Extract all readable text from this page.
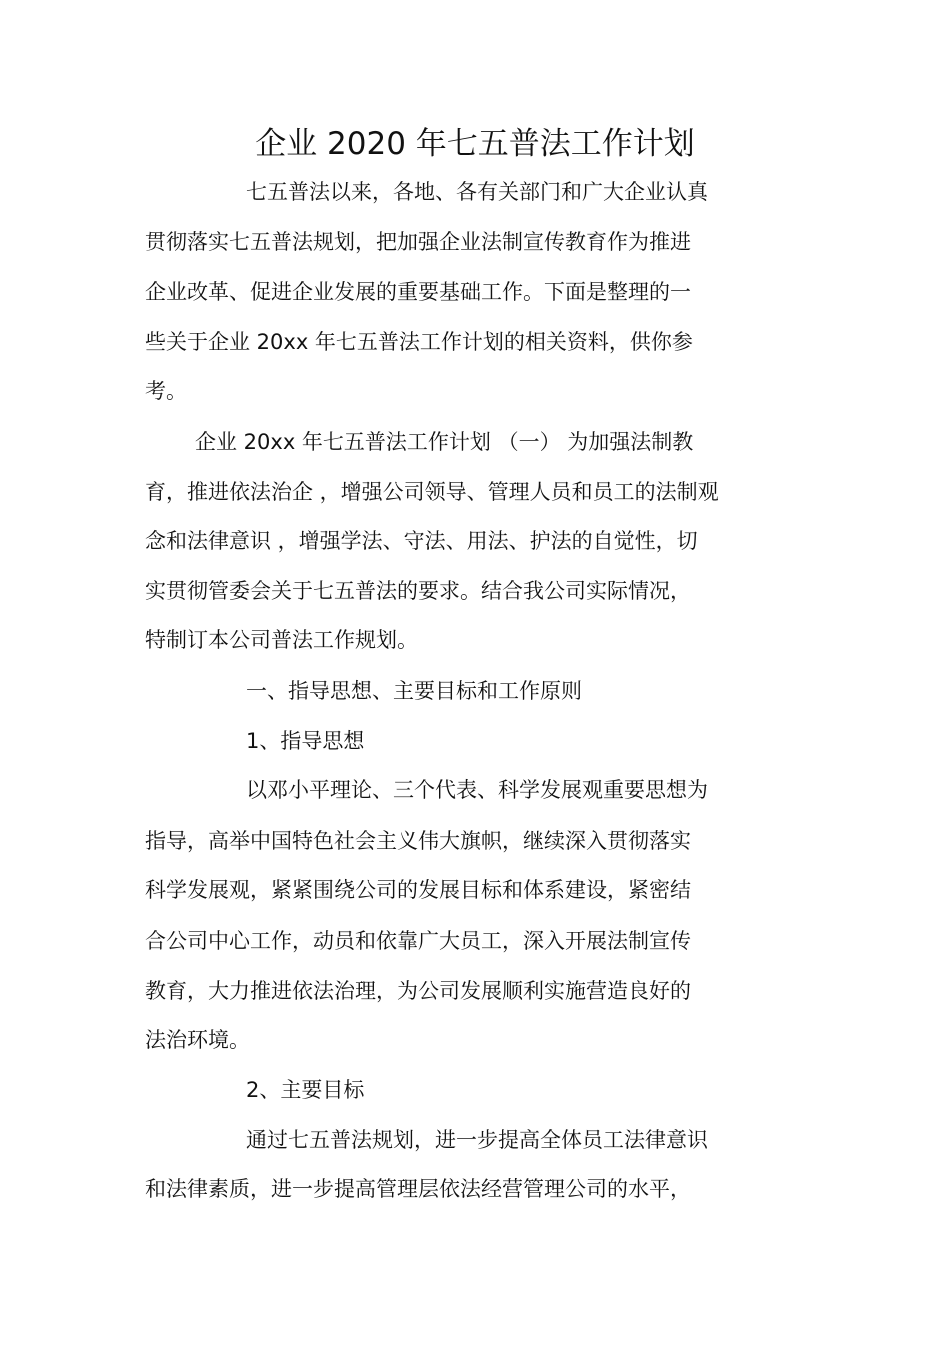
企业 2020 年七五普法工作计划
七五普法以来，各地、各有关部门和广大企业认真
贯彻落实七五普法规划，把加强企业法制宣传教育作为推进
企业改革、促进企业发展的重要基础工作。下面是整理的一
些关于企业 20xx 年七五普法工作计划的相关资料，供你参
考。
企业 20xx 年七五普法工作计划 （一） 为加强法制教
育，推进依法治企 ，增强公司领导、管理人员和员工的法制观
念和法律意识 ，增强学法、守法、用法、护法的自觉性，切
实贯彻管委会关于七五普法的要求。结合我公司实际情况，
特制订本公司普法工作规划。
一、指导思想、主要目标和工作原则
1、指导思想
以邓小平理论、三个代表、科学发展观重要思想为
指导，高举中国特色社会主义伟大旗帜，继续深入贯彻落实
科学发展观，紧紧围绕公司的发展目标和体系建设，紧密结
合公司中心工作，动员和依靠广大员工，深入开展法制宣传
教育，大力推进依法治理，为公司发展顺利实施营造良好的
法治环境。
2、主要目标
通过七五普法规划，进一步提高全体员工法律意识
和法律素质，进一步提高管理层依法经营管理公司的水平，
